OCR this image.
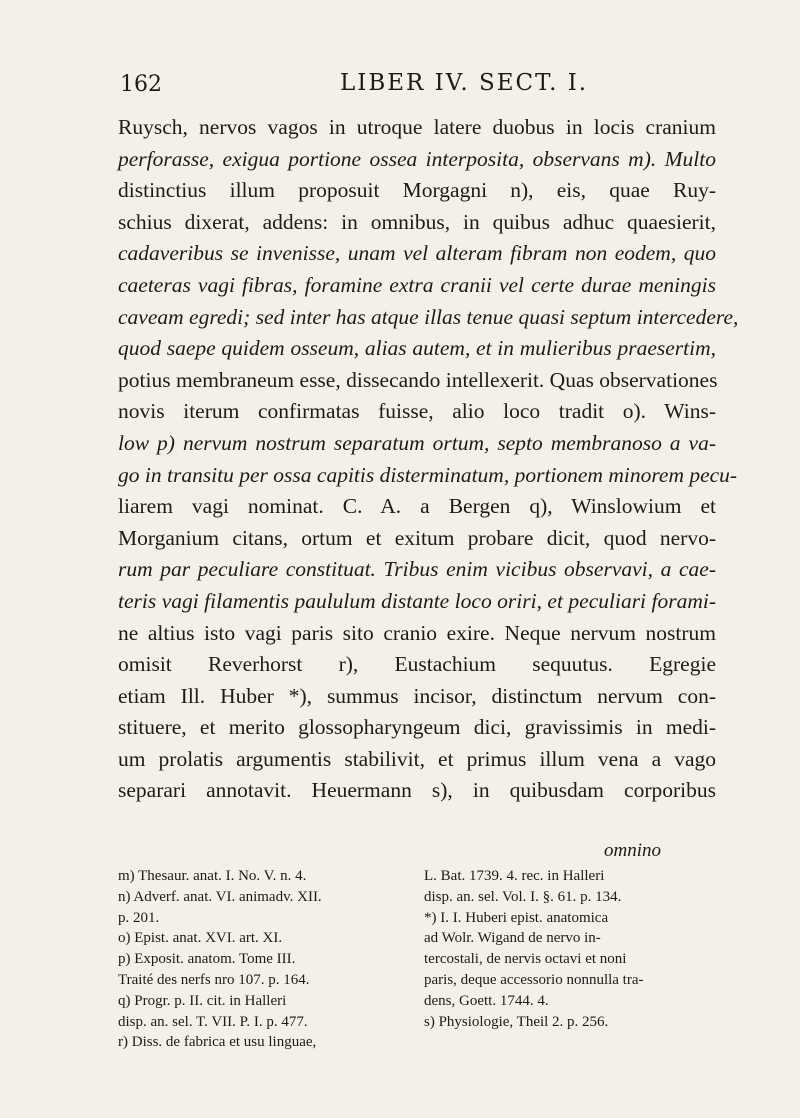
162	LIBER IV. SECT. I.
Ruysch, nervos vagos in utroque latere duobus in locis cranium
perforasse, exigua portione ossea interposita, observans m). Multo
distinctius illum proposuit Morgagni n), eis, quae Ruy-
schius dixerat, addens: in omnibus, in quibus adhuc quaesierit,
cadaveribus se invenisse, unam vel alteram fibram non eodem, quo
caeteras vagi fibras, foramine extra cranii vel certe durae meningis
caveam egredi; sed inter has atque illas tenue quasi septum intercedere,
quod saepe quidem osseum, alias autem, et in mulieribus praesertim,
potius membraneum esse, dissecando intellexerit. Quas observationes
novis iterum confirmatas fuisse, alio loco tradit o). Wins-
low p) nervum nostrum separatum ortum, septo membranoso a va-
go in transitu per ossa capitis disterminatum, portionem minorem pecu-
liarem vagi nominat. C. A. a Bergen q), Winslowium et
Morganium citans, ortum et exitum probare dicit, quod nervo-
rum par peculiare constituat. Tribus enim vicibus observavi, a cae-
teris vagi filamentis paululum distante loco oriri, et peculiari forami-
ne altius isto vagi paris sito cranio exire. Neque nervum nostrum
omisit Reverhorst r), Eustachium sequutus. Egregie
etiam Ill. Huber *), summus incisor, distinctum nervum con-
stituere, et merito glossopharyngeum dici, gravissimis in medi-
um prolatis argumentis stabilivit, et primus illum vena a vago
separari annotavit. Heuermann s), in quibusdam corporibus
omnino
m) Thesaur. anat. I. No. V. n. 4.
n) Adverf. anat. VI. animadv. XII.
p. 201.
o) Epist. anat. XVI. art. XI.
p) Exposit. anatom. Tome III.
Traité des nerfs nro 107. p. 164.
q) Progr. p. II. cit. in Halleri
disp. an. sel. T. VII. P. I. p. 477.
r) Diss. de fabrica et usu linguae,
L. Bat. 1739. 4. rec. in Halleri
disp. an. sel. Vol. I. §. 61. p. 134.
*) I. I. Huberi epist. anatomica
ad Wolr. Wigand de nervo in-
tercostali, de nervis octavi et noni
paris, deque accessorio nonnulla tra-
dens, Goett. 1744. 4.
s) Physiologie, Theil 2. p. 256.
